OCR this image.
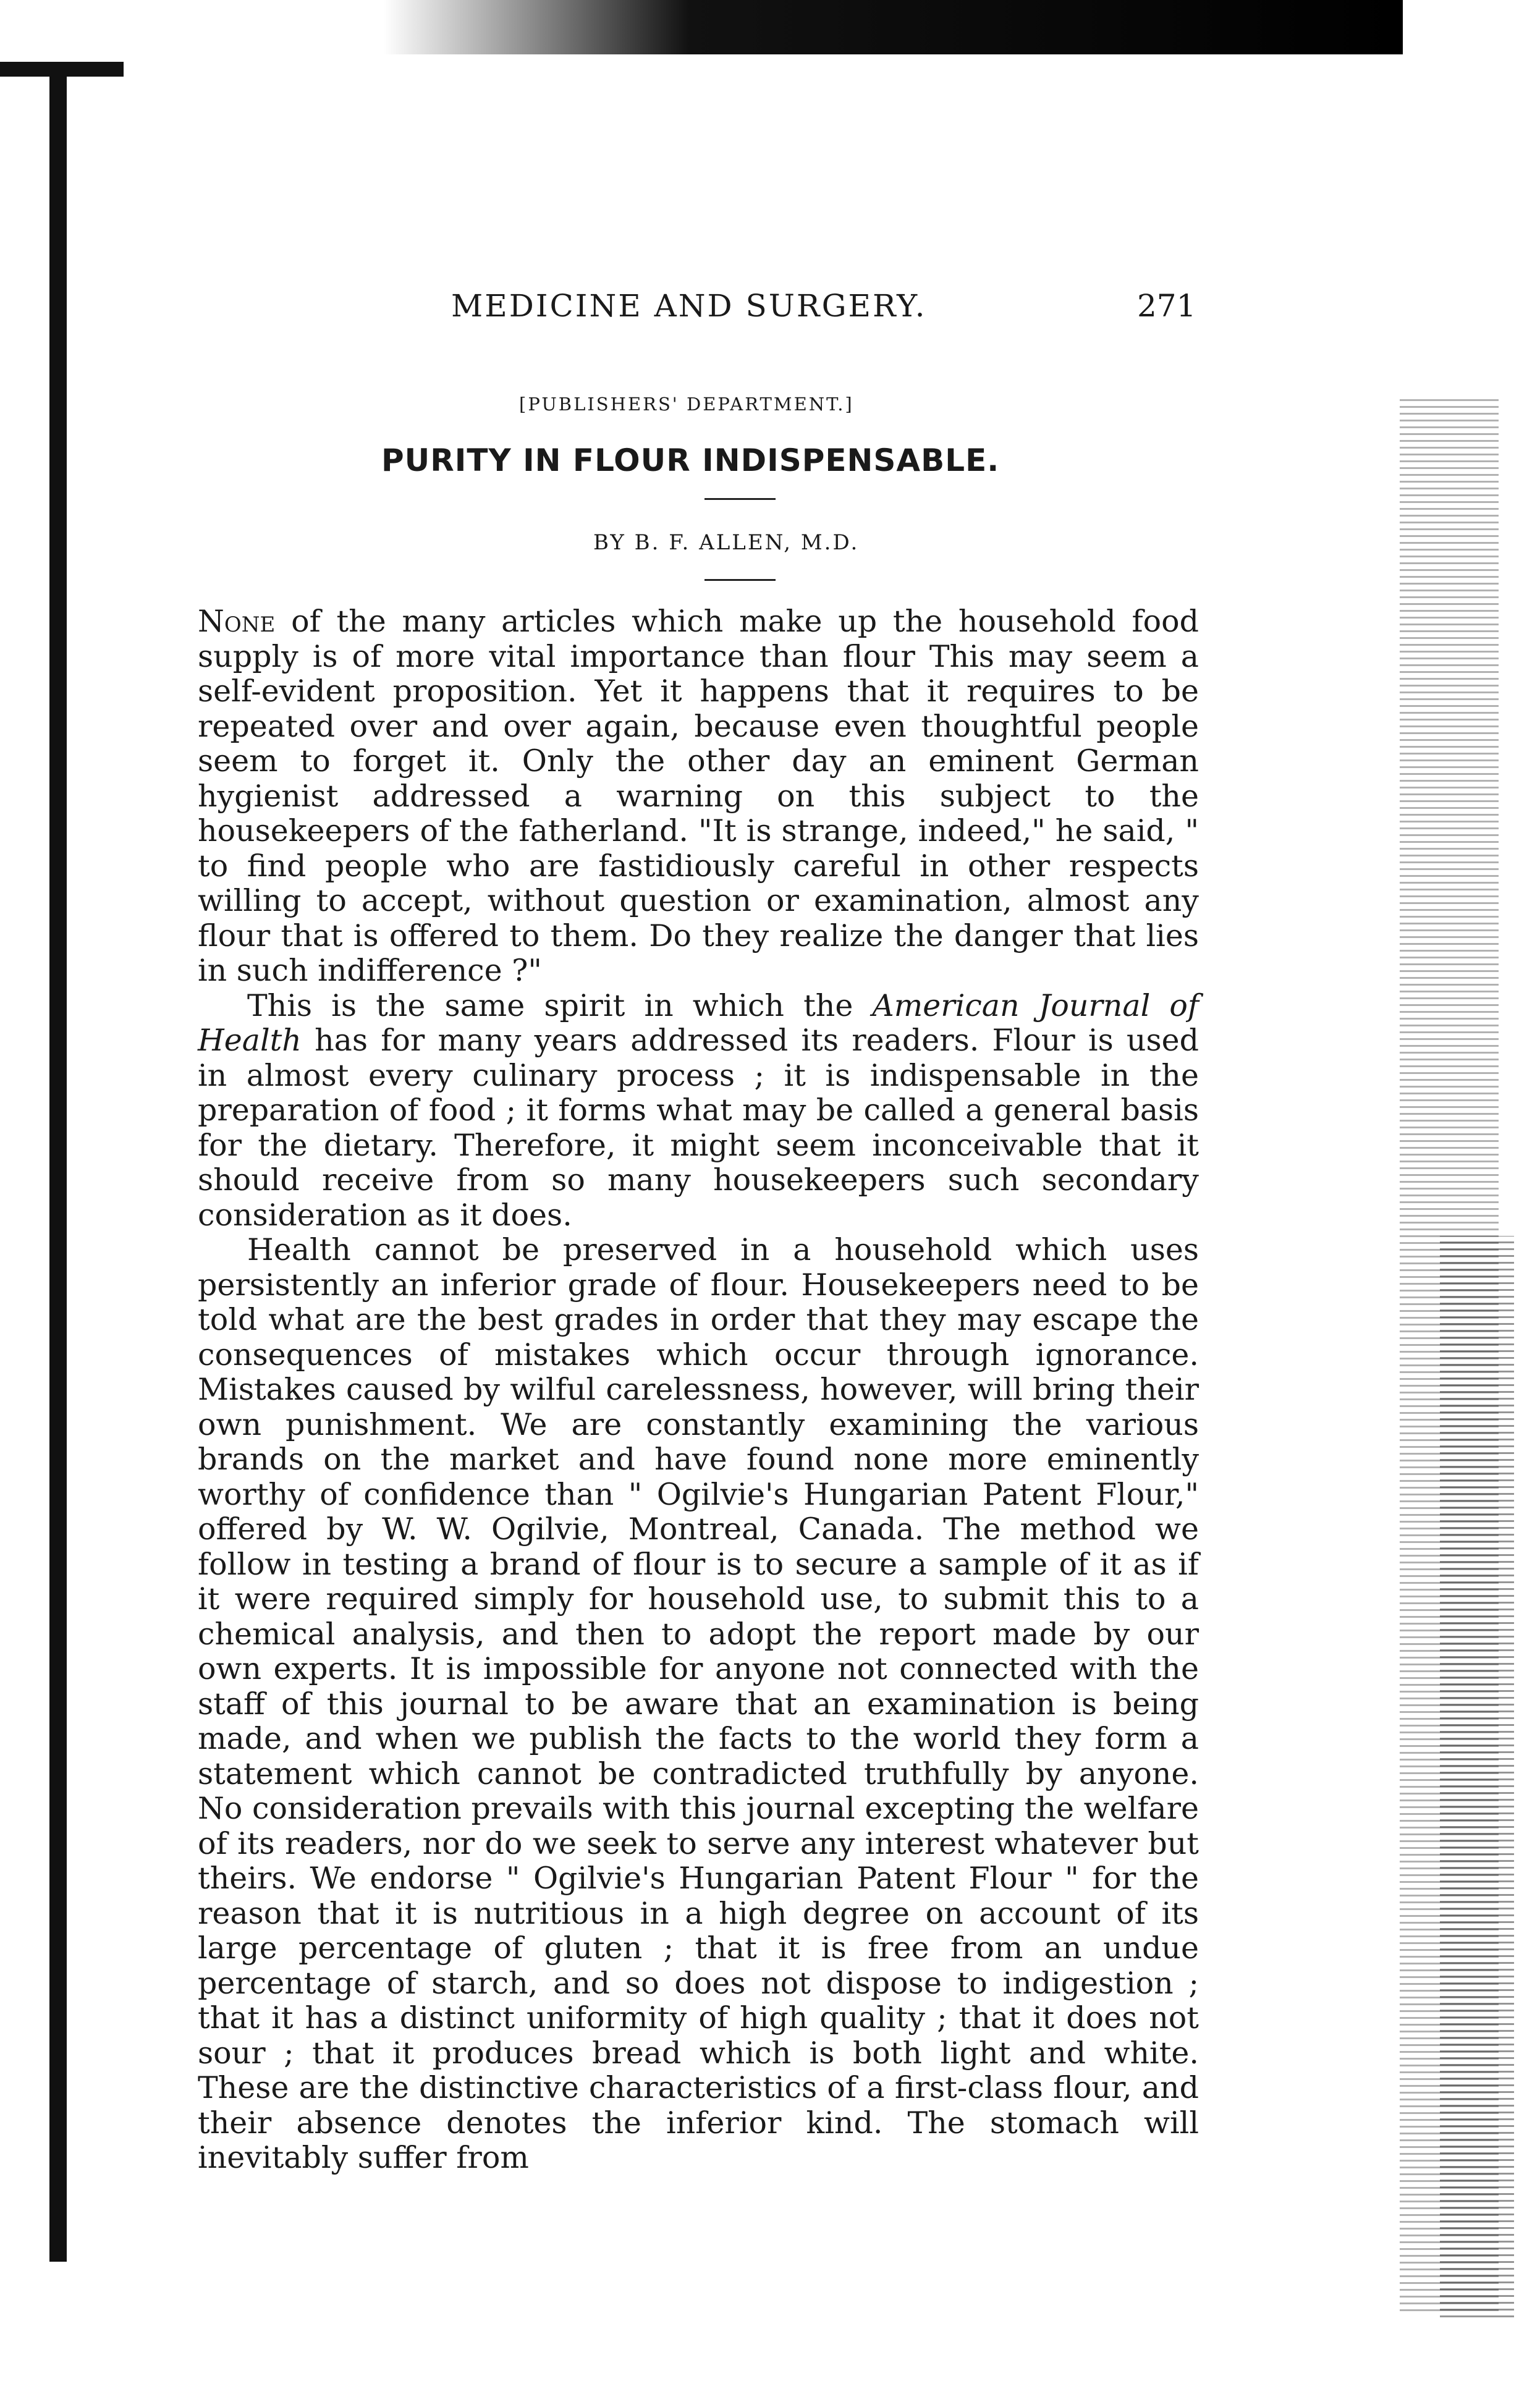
MEDICINE AND SURGERY.	271
[PUBLISHERS' DEPARTMENT.]
PURITY IN FLOUR INDISPENSABLE.
BY B. F. ALLEN, M.D.

None of the many articles which make up the household food supply is of more vital importance than flour This may seem a self-evident proposition. Yet it happens that it requires to be repeated over and over again, because even thoughtful people seem to forget it. Only the other day an eminent German hygienist addressed a warning on this subject to the housekeepers of the fatherland. "It is strange, indeed," he said, " to find people who are fastidiously careful in other respects willing to accept, without question or examination, almost any flour that is offered to them. Do they realize the danger that lies in such indifference ?"

This is the same spirit in which the American Journal of Health has for many years addressed its readers. Flour is used in almost every culinary process ; it is indispensable in the preparation of food ; it forms what may be called a general basis for the dietary. Therefore, it might seem inconceivable that it should receive from so many housekeepers such secondary consideration as it does.

Health cannot be preserved in a household which uses persistently an inferior grade of flour. Housekeepers need to be told what are the best grades in order that they may escape the consequences of mistakes which occur through ignorance. Mistakes caused by wilful carelessness, however, will bring their own punishment. We are constantly examining the various brands on the market and have found none more eminently worthy of confidence than " Ogilvie's Hungarian Patent Flour," offered by W. W. Ogilvie, Montreal, Canada. The method we follow in testing a brand of flour is to secure a sample of it as if it were required simply for household use, to submit this to a chemical analysis, and then to adopt the report made by our own experts. It is impossible for anyone not connected with the staff of this journal to be aware that an examination is being made, and when we publish the facts to the world they form a statement which cannot be contradicted truthfully by anyone. No consideration prevails with this journal excepting the welfare of its readers, nor do we seek to serve any interest whatever but theirs. We endorse " Ogilvie's Hungarian Patent Flour " for the reason that it is nutritious in a high degree on account of its large percentage of gluten ; that it is free from an undue percentage of starch, and so does not dispose to indigestion ; that it has a distinct uniformity of high quality ; that it does not sour ; that it produces bread which is both light and white. These are the distinctive characteristics of a first-class flour, and their absence denotes the inferior kind. The stomach will inevitably suffer from
